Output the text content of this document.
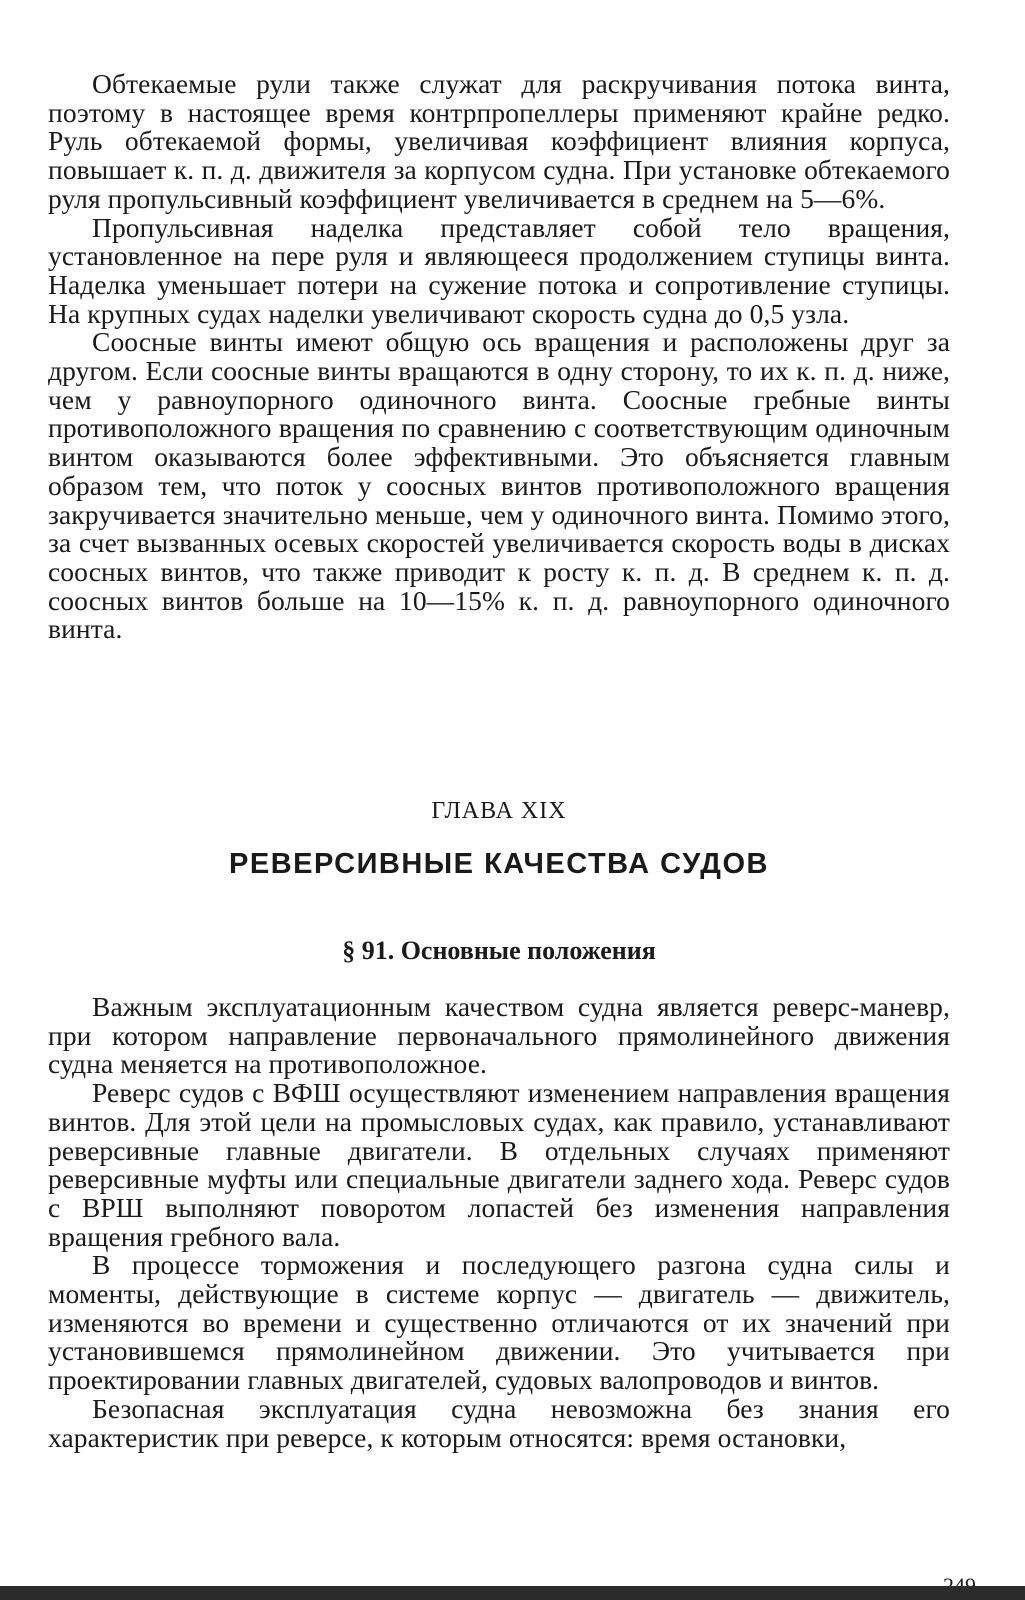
Обтекаемые рули также служат для раскручивания потока винта, поэтому в настоящее время контрпропеллеры применяют крайне редко. Руль обтекаемой формы, увеличивая коэффициент влияния корпуса, повышает к. п. д. движителя за корпусом судна. При установке обтекаемого руля пропульсивный коэффициент увеличивается в среднем на 5—6%.

Пропульсивная наделка представляет собой тело вращения, установленное на пере руля и являющееся продолжением ступицы винта. Наделка уменьшает потери на сужение потока и сопротивление ступицы. На крупных судах наделки увеличивают скорость судна до 0,5 узла.

Соосные винты имеют общую ось вращения и расположены друг за другом. Если соосные винты вращаются в одну сторону, то их к. п. д. ниже, чем у равноупорного одиночного винта. Соосные гребные винты противоположного вращения по сравнению с соответствующим одиночным винтом оказываются более эффективными. Это объясняется главным образом тем, что поток у соосных винтов противоположного вращения закручивается значительно меньше, чем у одиночного винта. Помимо этого, за счет вызванных осевых скоростей увеличивается скорость воды в дисках соосных винтов, что также приводит к росту к. п. д. В среднем к. п. д. соосных винтов больше на 10—15% к. п. д. равноупорного одиночного винта.

ГЛАВА XIX

РЕВЕРСИВНЫЕ КАЧЕСТВА СУДОВ
§ 91. Основные положения

Важным эксплуатационным качеством судна является реверс-маневр, при котором направление первоначального прямолинейного движения судна меняется на противоположное.

Реверс судов с ВФШ осуществляют изменением направления вращения винтов. Для этой цели на промысловых судах, как правило, устанавливают реверсивные главные двигатели. В отдельных случаях применяют реверсивные муфты или специальные двигатели заднего хода. Реверс судов с ВРШ выполняют поворотом лопастей без изменения направления вращения гребного вала.

В процессе торможения и последующего разгона судна силы и моменты, действующие в системе корпус — двигатель — движитель, изменяются во времени и существенно отличаются от их значений при установившемся прямолинейном движении. Это учитывается при проектировании главных двигателей, судовых валопроводов и винтов.

Безопасная эксплуатация судна невозможна без знания его характеристик при реверсе, к которым относятся: время остановки,
